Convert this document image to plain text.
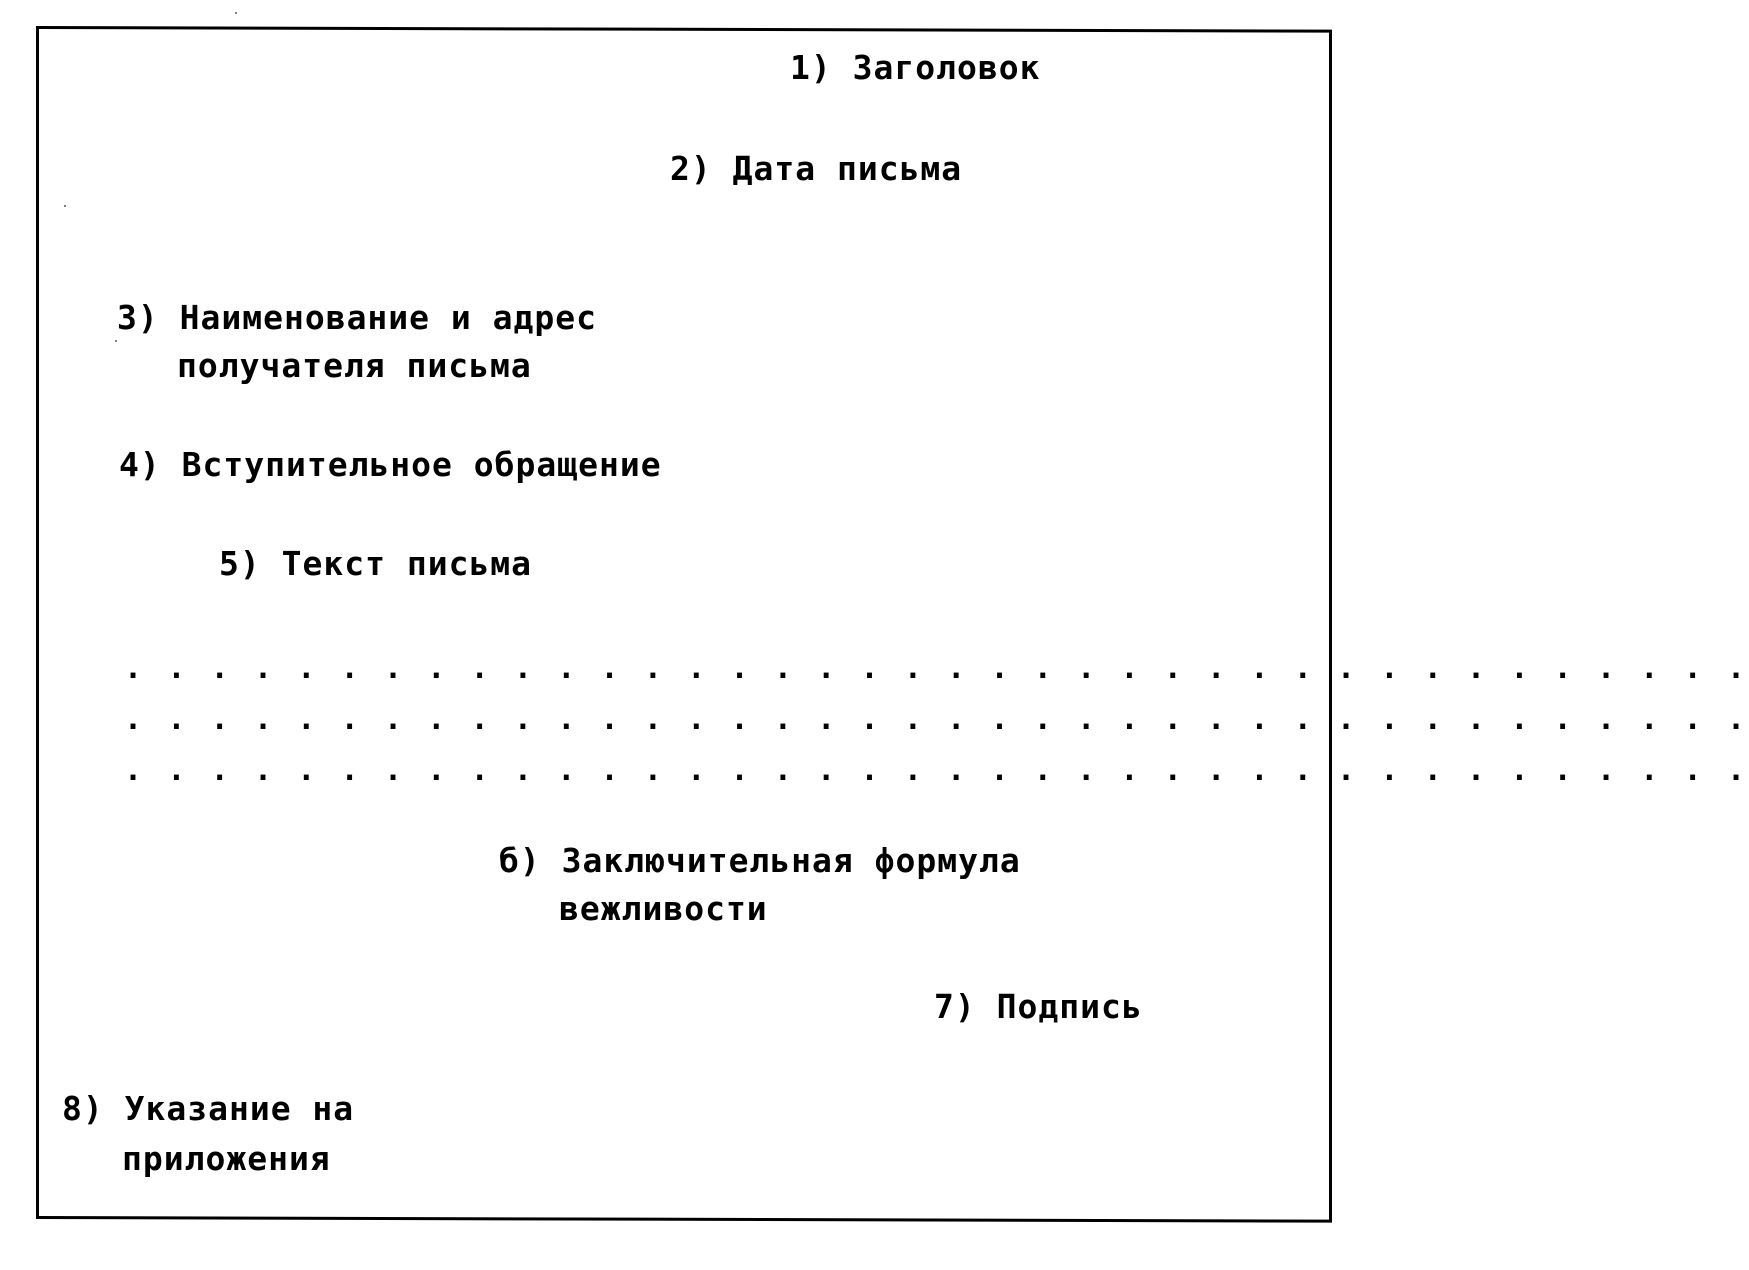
1) Заголовок
2) Дата письма
3) Наименование и адрес
получателя письма
4) Вступительное обращение
5) Текст письма
. . . . . . . . . . . . . . . . . . . . . . . . . . . . . . . . . . . . . .
. . . . . . . . . . . . . . . . . . . . . . . . . . . . . . . . . . . . . .
. . . . . . . . . . . . . . . . . . . . . . . . . . . . . . . . . . . . . .
б) Заключительная формула
вежливости
7) Подпись
8) Указание на
приложения
